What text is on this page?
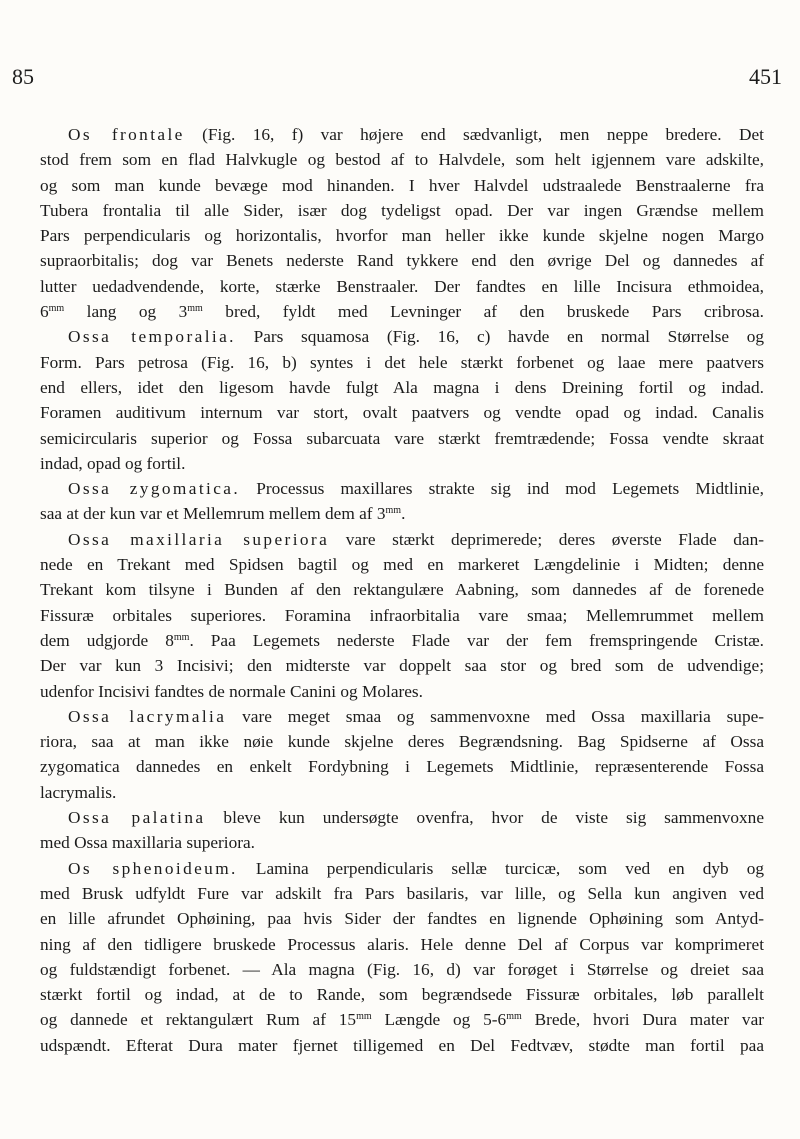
85	451
Os frontale (Fig. 16, f) var højere end sædvanligt, men neppe bredere. Det
stod frem som en flad Halvkugle og bestod af to Halvdele, som helt igjennem vare adskilte,
og som man kunde bevæge mod hinanden. I hver Halvdel udstraalede Benstraalerne fra
Tubera frontalia til alle Sider, især dog tydeligst opad. Der var ingen Grændse mellem
Pars perpendicularis og horizontalis, hvorfor man heller ikke kunde skjelne nogen Margo
supraorbitalis; dog var Benets nederste Rand tykkere end den øvrige Del og dannedes af
lutter uedadvendende, korte, stærke Benstraaler. Der fandtes en lille Incisura ethmoidea,
$6^{mm}$ lang og $3^{mm}$ bred, fyldt med Levninger af den bruskede Pars cribrosa.
Ossa temporalia. Pars squamosa (Fig. 16, c) havde en normal Størrelse og
Form. Pars petrosa (Fig. 16, b) syntes i det hele stærkt forbenet og laae mere paatvers
end ellers, idet den ligesom havde fulgt Ala magna i dens Dreining fortil og indad.
Foramen auditivum internum var stort, ovalt paatvers og vendte opad og indad. Canalis
semicircularis superior og Fossa subarcuata vare stærkt fremtrædende; Fossa vendte skraat
indad, opad og fortil.
Ossa zygomatica. Processus maxillares strakte sig ind mod Legemets Midtlinie,
saa at der kun var et Mellemrum mellem dem af $3^{mm}$.
Ossa maxillaria superiora vare stærkt deprimerede; deres øverste Flade dan-
nede en Trekant med Spidsen bagtil og med en markeret Længdelinie i Midten; denne
Trekant kom tilsyne i Bunden af den rektangulære Aabning, som dannedes af de forenede
Fissuræ orbitales superiores. Foramina infraorbitalia vare smaa; Mellemrummet mellem
dem udgjorde $8^{mm}$. Paa Legemets nederste Flade var der fem fremspringende Cristæ.
Der var kun 3 Incisivi; den midterste var doppelt saa stor og bred som de udvendige;
udenfor Incisivi fandtes de normale Canini og Molares.
Ossa lacrymalia vare meget smaa og sammenvoxne med Ossa maxillaria supe-
riora, saa at man ikke nøie kunde skjelne deres Begrændsning. Bag Spidserne af Ossa
zygomatica dannedes en enkelt Fordybning i Legemets Midtlinie, repræsenterende Fossa
lacrymalis.
Ossa palatina bleve kun undersøgte ovenfra, hvor de viste sig sammenvoxne
med Ossa maxillaria superiora.
Os sphenoideum. Lamina perpendicularis sellæ turcicæ, som ved en dyb og
med Brusk udfyldt Fure var adskilt fra Pars basilaris, var lille, og Sella kun angiven ved
en lille afrundet Ophøining, paa hvis Sider der fandtes en lignende Ophøining som Antyd-
ning af den tidligere bruskede Processus alaris. Hele denne Del af Corpus var komprimeret
og fuldstændigt forbenet. — Ala magna (Fig. 16, d) var forøget i Størrelse og dreiet saa
stærkt fortil og indad, at de to Rande, som begrændsede Fissuræ orbitales, løb parallelt
og dannede et rektangulært Rum af $15^{mm}$ Længde og $5-6^{mm}$ Brede, hvori Dura mater var
udspændt. Efterat Dura mater fjernet tilligemed en Del Fedtvæv, stødte man fortil paa
